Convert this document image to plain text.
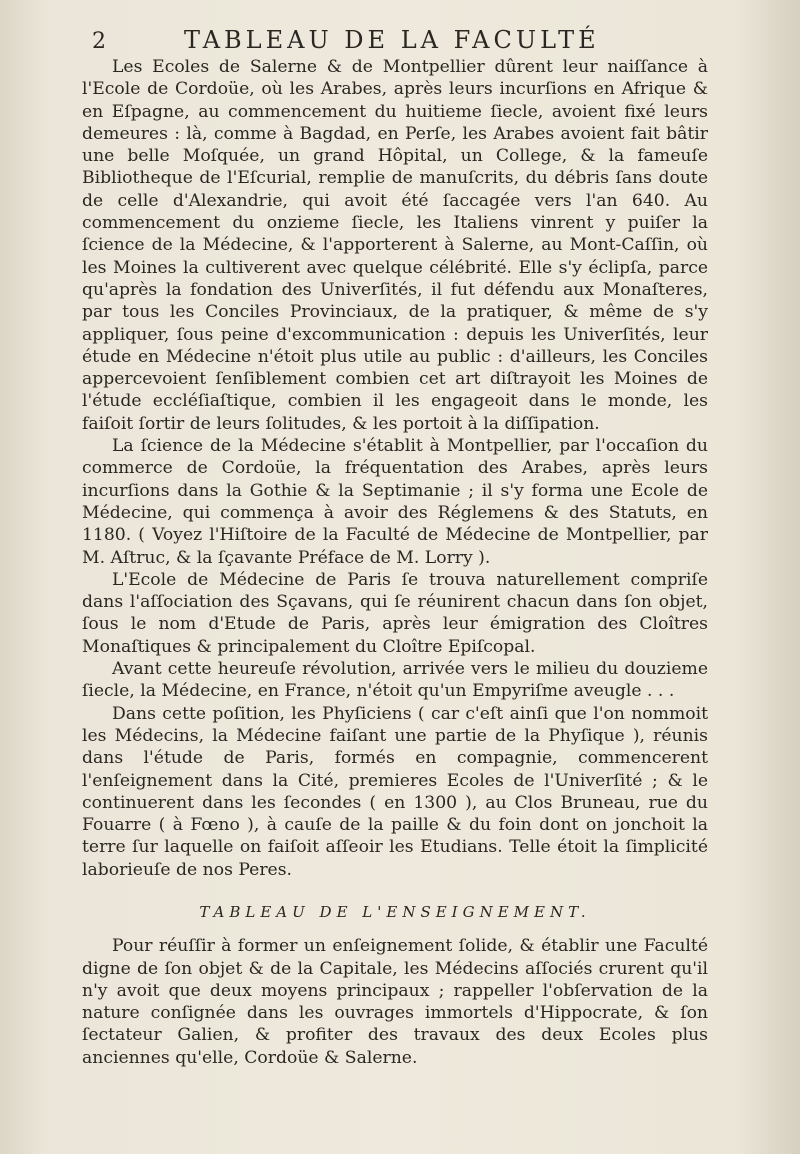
2	TABLEAU DE LA FACULTÉ

Les Ecoles de Salerne & de Montpellier dûrent leur naiſſance à l'Ecole de Cordoüe, où les Arabes, après leurs incurſions en Afrique & en Eſpagne, au commencement du huitieme ſiecle, avoient fixé leurs demeures : là, comme à Bagdad, en Perſe, les Arabes avoient fait bâtir une belle Moſquée, un grand Hôpital, un College, & la fameuſe Bibliotheque de l'Eſcurial, remplie de manuſcrits, du débris ſans doute de celle d'Alexandrie, qui avoit été ſaccagée vers l'an 640. Au commencement du onzieme ſiecle, les Italiens vinrent y puiſer la ſcience de la Médecine, & l'apporterent à Salerne, au Mont-Caſſin, où les Moines la cultiverent avec quelque célébrité. Elle s'y éclipſa, parce qu'après la fondation des Univerſités, il fut défendu aux Monaſteres, par tous les Conciles Provinciaux, de la pratiquer, & même de s'y appliquer, ſous peine d'excommunication : depuis les Univerſités, leur étude en Médecine n'étoit plus utile au public : d'ailleurs, les Conciles appercevoient ſenſiblement combien cet art diſtrayoit les Moines de l'étude eccléſiaſtique, combien il les engageoit dans le monde, les faiſoit ſortir de leurs ſolitudes, & les portoit à la diſſipation.

La ſcience de la Médecine s'établit à Montpellier, par l'occaſion du commerce de Cordoüe, la fréquentation des Arabes, après leurs incurſions dans la Gothie & la Septimanie ; il s'y forma une Ecole de Médecine, qui commença à avoir des Réglemens & des Statuts, en 1180. ( Voyez l'Hiſtoire de la Faculté de Médecine de Montpellier, par M. Aſtruc, & la ſçavante Préface de M. Lorry ).

L'Ecole de Médecine de Paris ſe trouva naturellement compriſe dans l'aſſociation des Sçavans, qui ſe réunirent chacun dans ſon objet, ſous le nom d'Etude de Paris, après leur émigration des Cloîtres Monaſtiques & principalement du Cloître Epiſcopal.

Avant cette heureuſe révolution, arrivée vers le milieu du douzieme ſiecle, la Médecine, en France, n'étoit qu'un Empyriſme aveugle . . .

Dans cette poſition, les Phyſiciens ( car c'eſt ainſi que l'on nommoit les Médecins, la Médecine faiſant une partie de la Phyſique ), réunis dans l'étude de Paris, formés en compagnie, commencerent l'enſeignement dans la Cité, premieres Ecoles de l'Univerſité ; & le continuerent dans les ſecondes ( en 1300 ), au Clos Bruneau, rue du Fouarre ( à Fœno ), à cauſe de la paille & du foin dont on jonchoit la terre ſur laquelle on faiſoit aſſeoir les Etudians. Telle étoit la ſimplicité laborieuſe de nos Peres.

TABLEAU DE L'ENSEIGNEMENT.

Pour réuſſir à former un enſeignement ſolide, & établir une Faculté digne de ſon objet & de la Capitale, les Médecins aſſociés crurent qu'il n'y avoit que deux moyens principaux ; rappeller l'obſervation de la nature conſignée dans les ouvrages immortels d'Hippocrate, & ſon ſectateur Galien, & profiter des travaux des deux Ecoles plus anciennes qu'elle, Cordoüe & Salerne.
